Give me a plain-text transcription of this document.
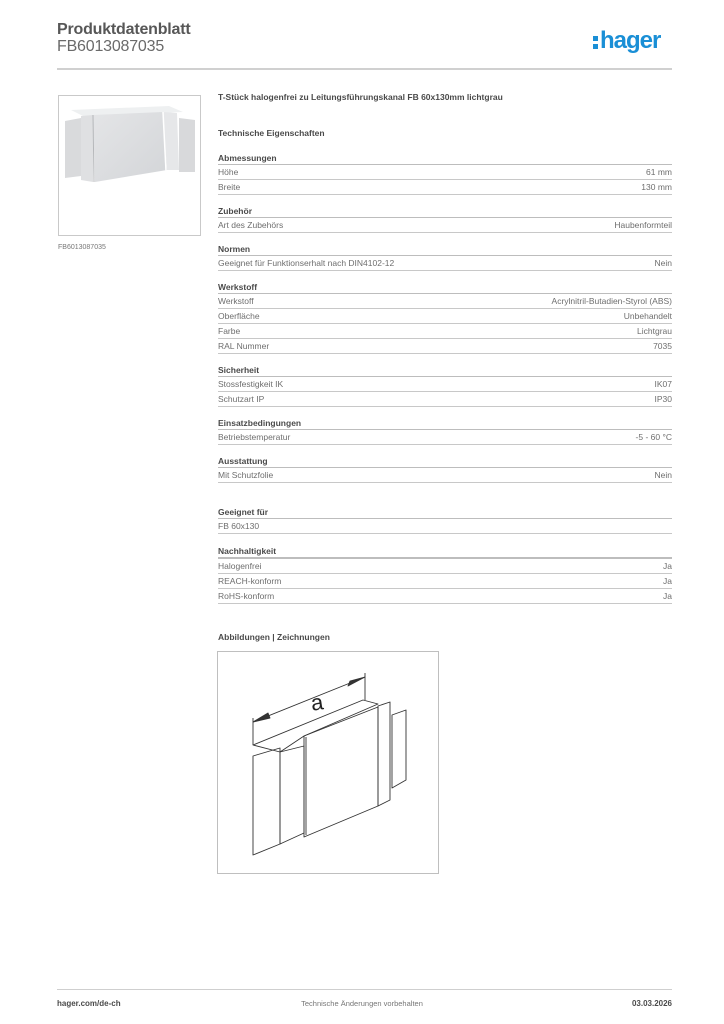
Produktdatenblatt
FB6013087035	hager
FB6013087035
T-Stück halogenfrei zu Leitungsführungskanal FB 60x130mm lichtgrau
Technische Eigenschaften
Abmessungen
Höhe	61 mm
Breite	130 mm
Zubehör
Art des Zubehörs	Haubenformteil
Normen
Geeignet für Funktionserhalt nach DIN4102-12	Nein
Werkstoff
Werkstoff	Acrylnitril-Butadien-Styrol (ABS)
Oberfläche	Unbehandelt
Farbe	Lichtgrau
RAL Nummer	7035
Sicherheit
Stossfestigkeit IK	IK07
Schutzart IP	IP30
Einsatzbedingungen
Betriebstemperatur	-5 - 60 °C
Ausstattung
Mit Schutzfolie	Nein
Geeignet für
FB 60x130
Nachhaltigkeit
Halogenfrei	Ja
REACH-konform	Ja
RoHS-konform	Ja
Abbildungen | Zeichnungen
a
hager.com/de-ch	Technische Änderungen vorbehalten	03.03.2026
